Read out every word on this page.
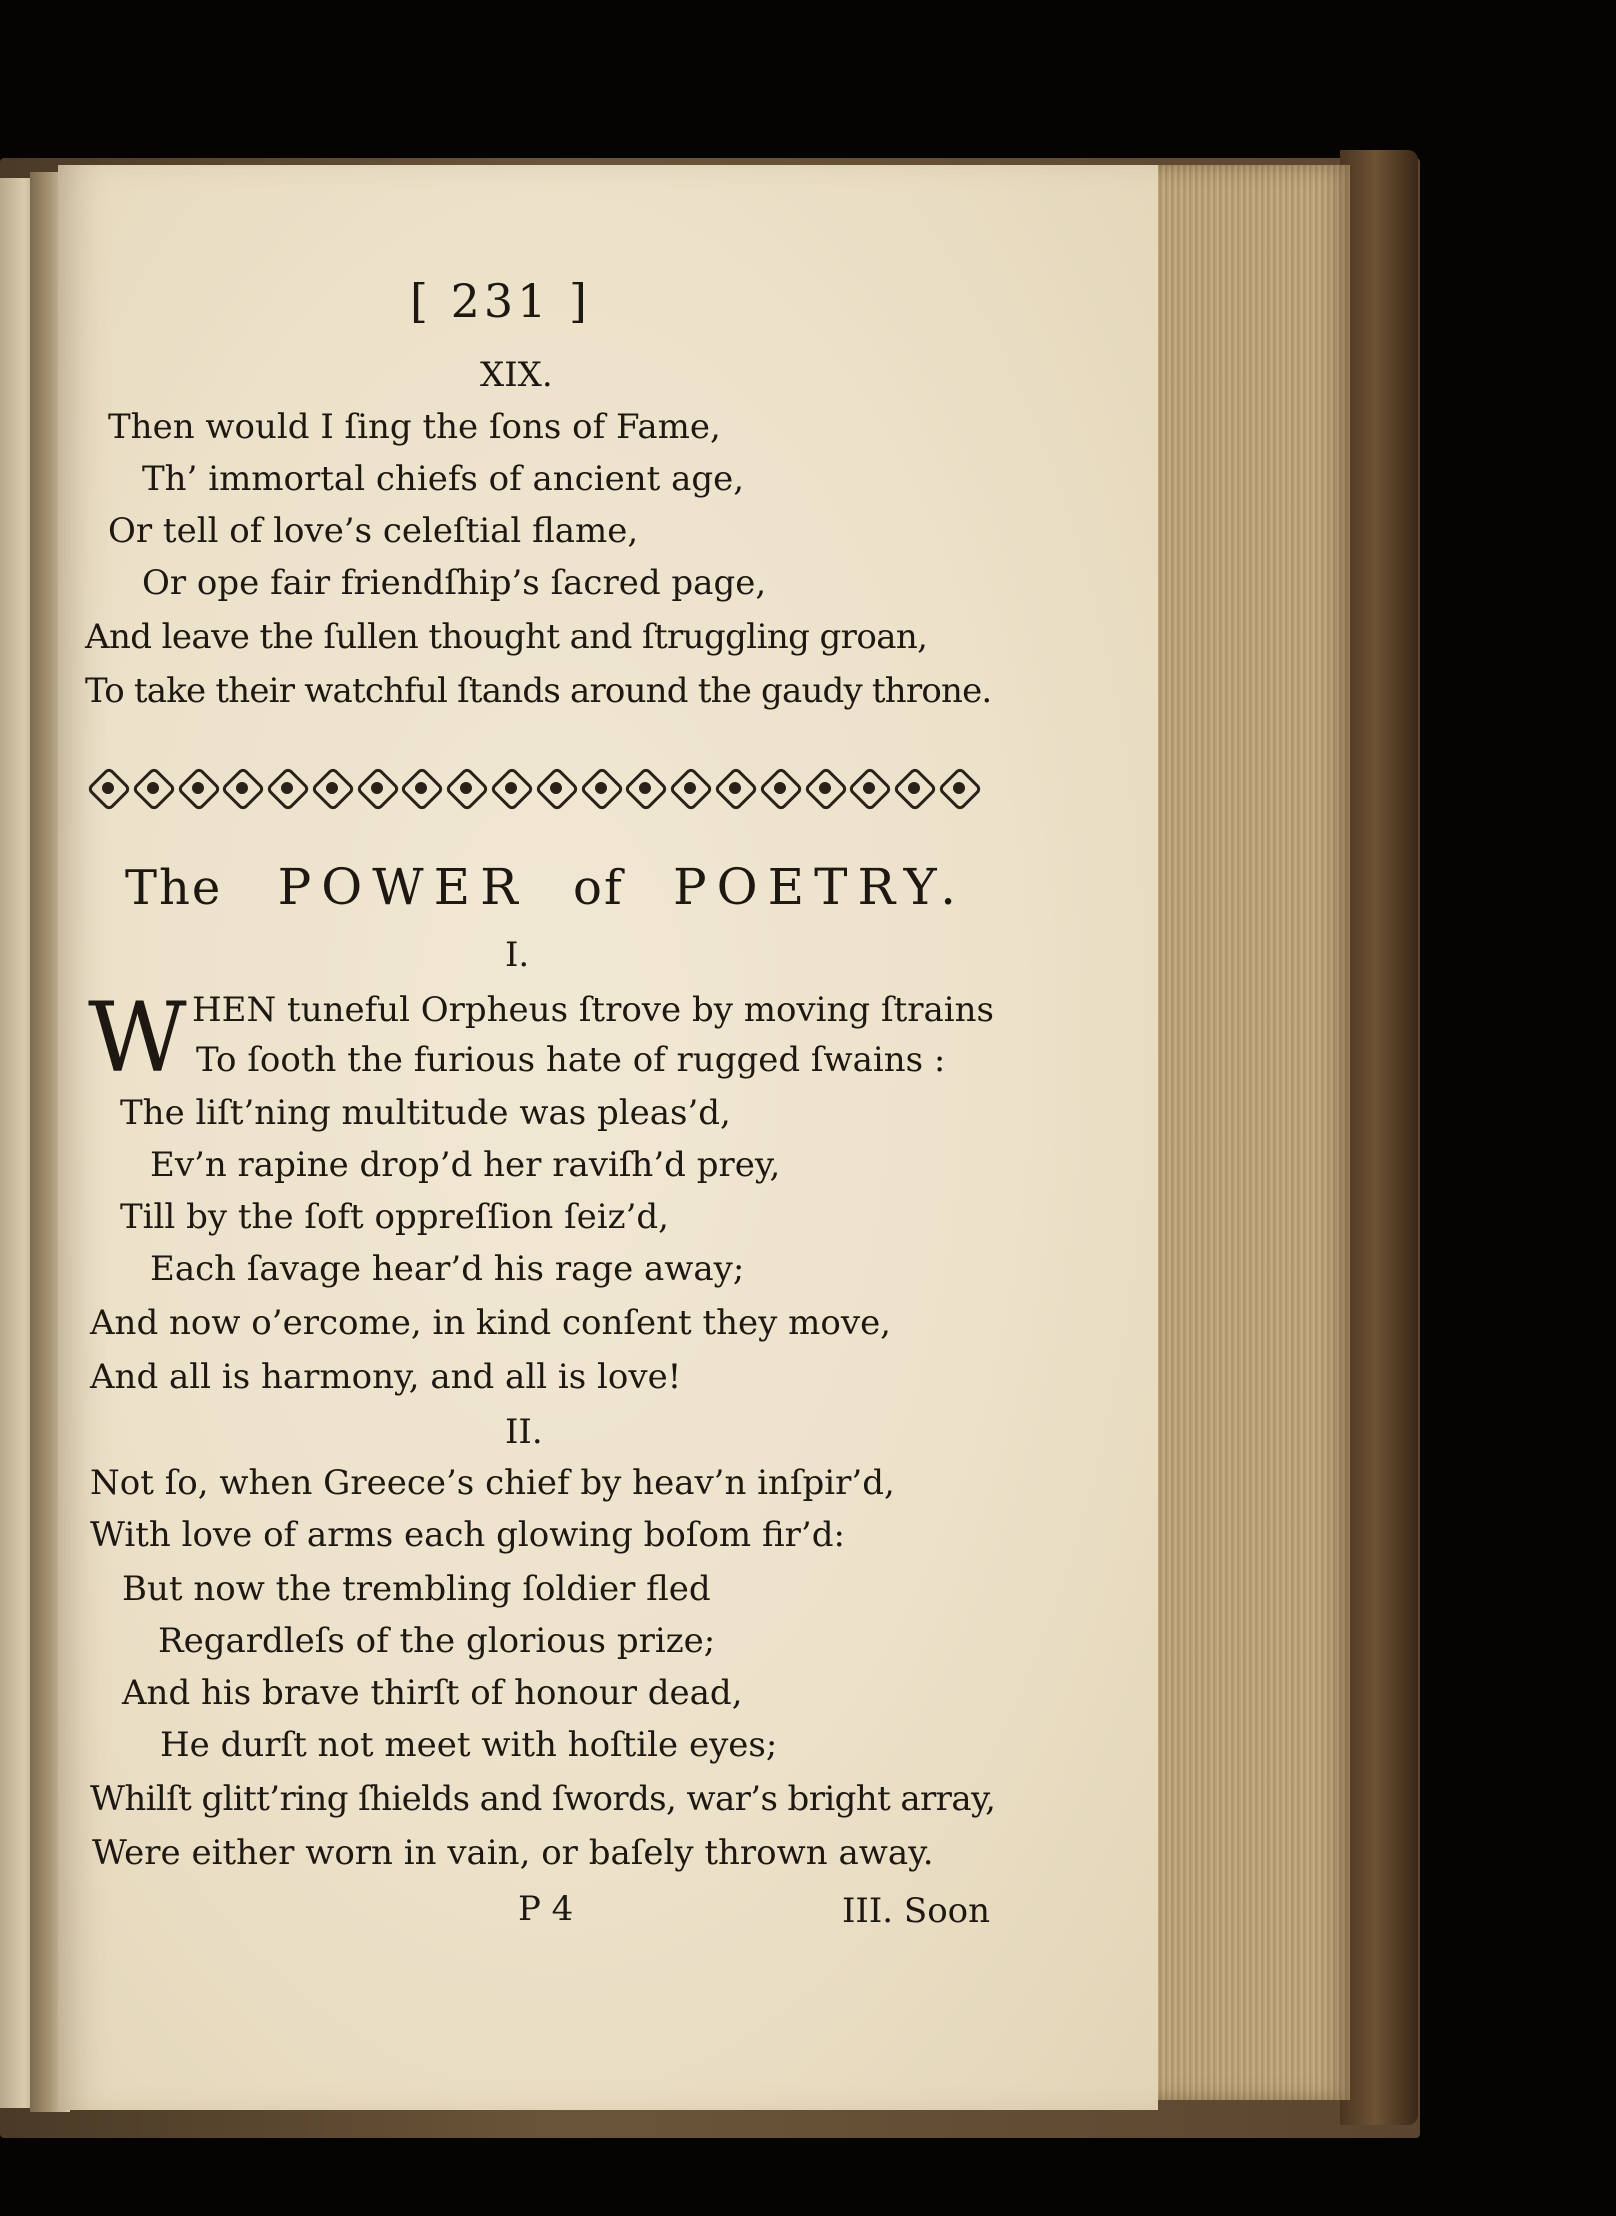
[ 231 ]
XIX.
Then would I ſing the ſons of Fame,
Th’ immortal chiefs of ancient age,
Or tell of love’s celeſtial flame,
Or ope fair friendſhip’s ſacred page,
And leave the ſullen thought and ſtruggling groan,
To take their watchful ſtands around the gaudy throne.
The POWER of POETRY.
I.
W HEN tuneful Orpheus ſtrove by moving ſtrains
To ſooth the furious hate of rugged ſwains :
The liſt’ning multitude was pleas’d,
Ev’n rapine drop’d her raviſh’d prey,
Till by the ſoft oppreſſion ſeiz’d,
Each ſavage hear’d his rage away;
And now o’ercome, in kind conſent they move,
And all is harmony, and all is love!
II.
Not ſo, when Greece’s chief by heav’n inſpir’d,
With love of arms each glowing boſom fir’d:
But now the trembling ſoldier fled
Regardleſs of the glorious prize;
And his brave thirſt of honour dead,
He durſt not meet with hoſtile eyes;
Whilſt glitt’ring ſhields and ſwords, war’s bright array,
Were either worn in vain, or baſely thrown away.
P 4	III. Soon
